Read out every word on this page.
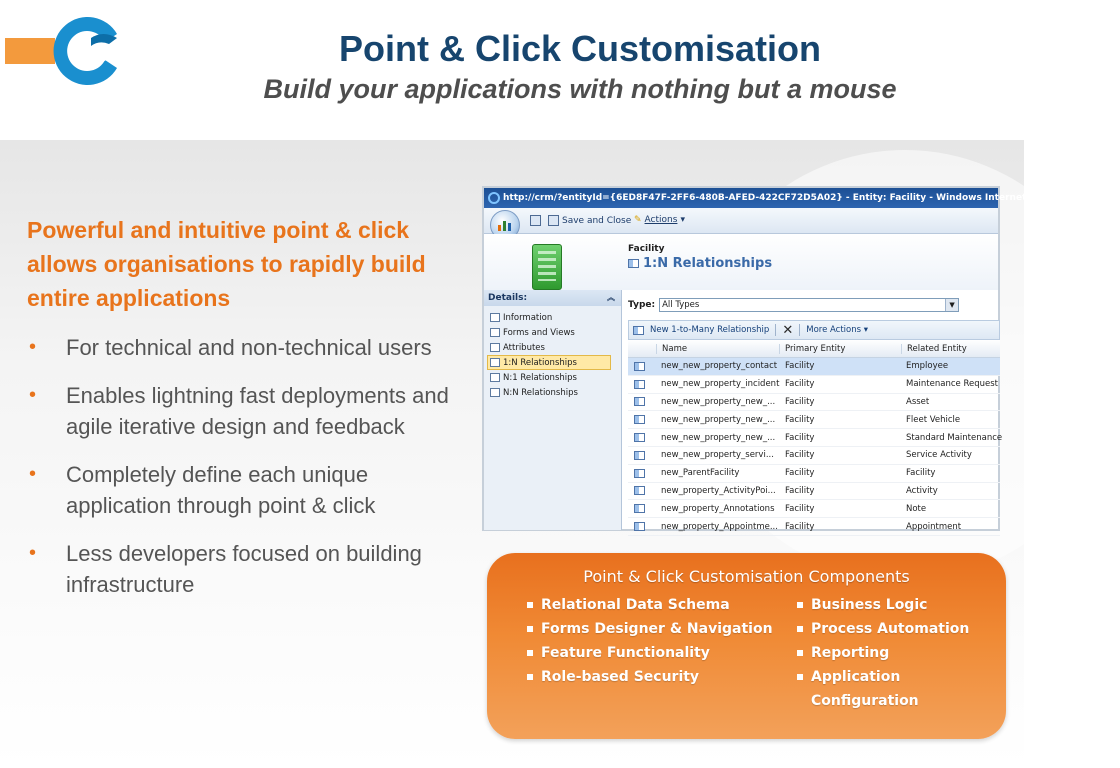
Point & Click Customisation
Build your applications with nothing but a mouse
Powerful and intuitive point & click allows organisations to rapidly build entire applications
• For technical and non-technical users
• Enables lightning fast deployments and agile iterative design and feedback
• Completely define each unique application through point & click
• Less developers focused on building infrastructure
http://crm/?entityId={6ED8F47F-2FF6-480B-AFED-422CF72D5A02} - Entity: Facility - Windows Internet Explorer
Save and Close ✎ Actions ▾
Facility
1:N Relationships
Details:	︽
Information
Forms and Views
Attributes
1:N Relationships
N:1 Relationships
N:N Relationships
Type: All Types	▼
New 1-to-Many Relationship ✕ More Actions ▾
Name	Primary Entity	Related Entity
new_new_property_contact Facility	Employee
new_new_property_incident Facility	Maintenance Request
new_new_property_new_...	Facility	Asset
new_new_property_new_...	Facility	Fleet Vehicle
new_new_property_new_...	Facility	Standard Maintenance
new_new_property_servi...	Facility	Service Activity
new_ParentFacility	Facility	Facility
new_property_ActivityPoi...	Facility	Activity
new_property_Annotations	Facility	Note
new_property_Appointme... Facility	Appointment
Point & Click Customisation Components
Relational Data Schema
Forms Designer & Navigation
Feature Functionality
Role-based Security
Business Logic
Process Automation
Reporting
Application
Configuration
